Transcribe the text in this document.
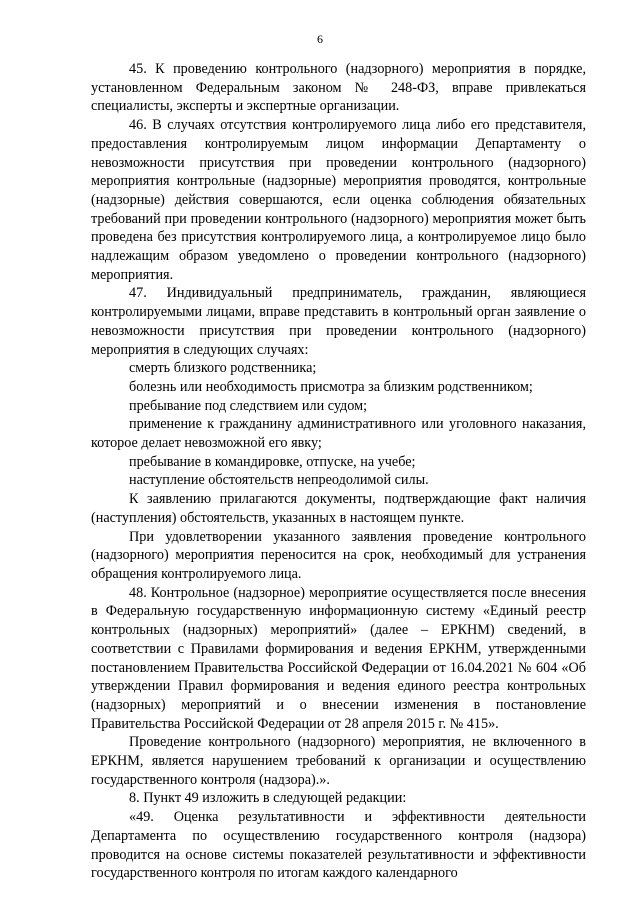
6

45. К проведению контрольного (надзорного) мероприятия в порядке, установленном Федеральным законом № 248-ФЗ, вправе привлекаться специалисты, эксперты и экспертные организации.

46. В случаях отсутствия контролируемого лица либо его представителя, предоставления контролируемым лицом информации Департаменту о невозможности присутствия при проведении контрольного (надзорного) мероприятия контрольные (надзорные) мероприятия проводятся, контрольные (надзорные) действия совершаются, если оценка соблюдения обязательных требований при проведении контрольного (надзорного) мероприятия может быть проведена без присутствия контролируемого лица, а контролируемое лицо было надлежащим образом уведомлено о проведении контрольного (надзорного) мероприятия.

47. Индивидуальный предприниматель, гражданин, являющиеся контролируемыми лицами, вправе представить в контрольный орган заявление о невозможности присутствия при проведении контрольного (надзорного) мероприятия в следующих случаях:

смерть близкого родственника;

болезнь или необходимость присмотра за близким родственником;

пребывание под следствием или судом;

применение к гражданину административного или уголовного наказания, которое делает невозможной его явку;

пребывание в командировке, отпуске, на учебе;

наступление обстоятельств непреодолимой силы.

К заявлению прилагаются документы, подтверждающие факт наличия (наступления) обстоятельств, указанных в настоящем пункте.

При удовлетворении указанного заявления проведение контрольного (надзорного) мероприятия переносится на срок, необходимый для устранения обращения контролируемого лица.

48. Контрольное (надзорное) мероприятие осуществляется после внесения в Федеральную государственную информационную систему «Единый реестр контрольных (надзорных) мероприятий» (далее – ЕРКНМ) сведений, в соответствии с Правилами формирования и ведения ЕРКНМ, утвержденными постановлением Правительства Российской Федерации от 16.04.2021 № 604 «Об утверждении Правил формирования и ведения единого реестра контрольных (надзорных) мероприятий и о внесении изменения в постановление Правительства Российской Федерации от 28 апреля 2015 г. № 415».

Проведение контрольного (надзорного) мероприятия, не включенного в ЕРКНМ, является нарушением требований к организации и осуществлению государственного контроля (надзора).».

8. Пункт 49 изложить в следующей редакции:

«49. Оценка результативности и эффективности деятельности Департамента по осуществлению государственного контроля (надзора) проводится на основе системы показателей результативности и эффективности государственного контроля по итогам каждого календарного
